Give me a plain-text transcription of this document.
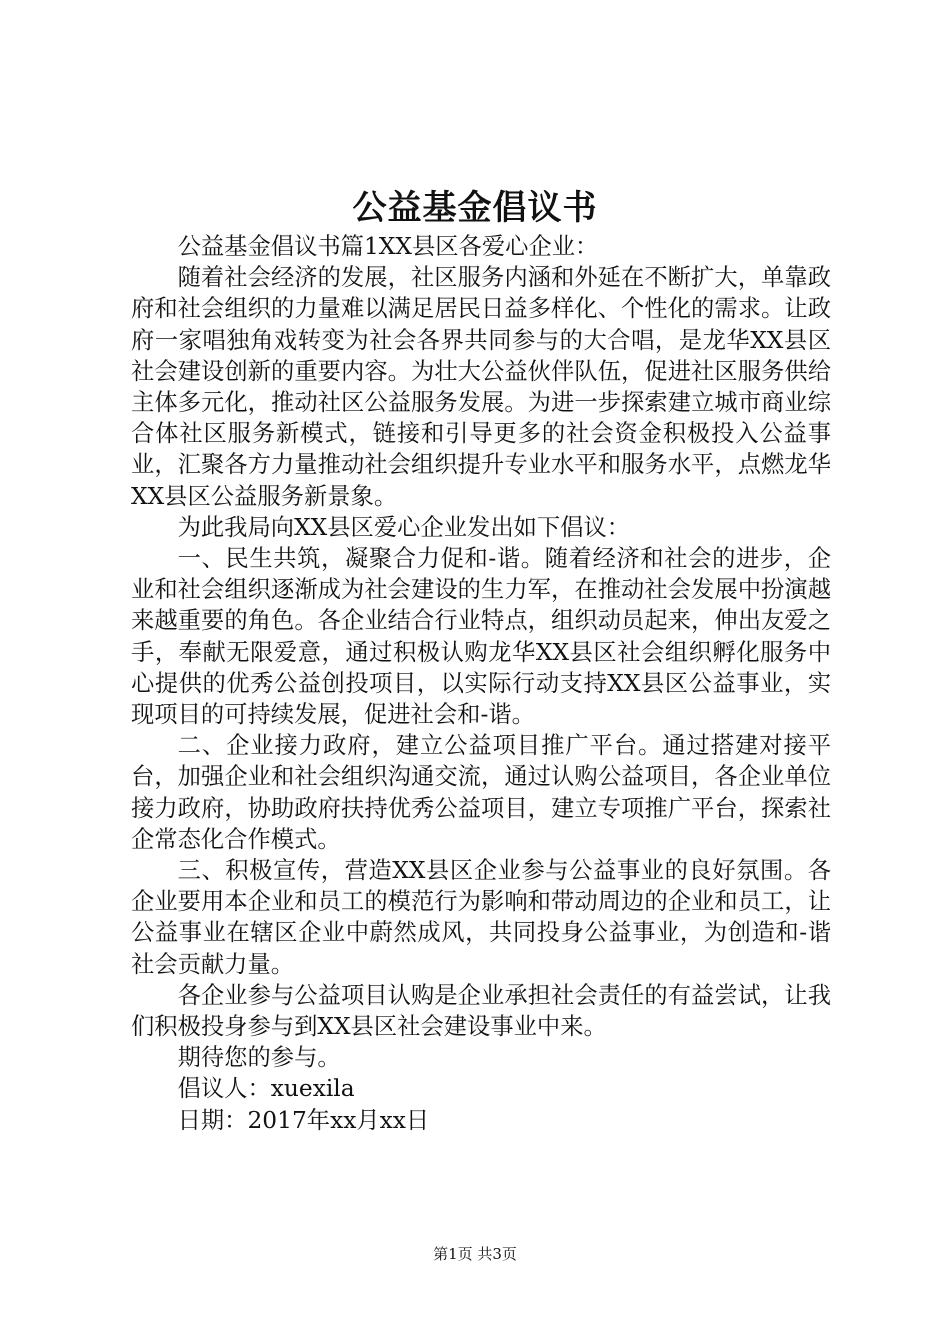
公益基金倡议书

公益基金倡议书篇1XX县区各爱心企业：

随着社会经济的发展，社区服务内涵和外延在不断扩大，单靠政府和社会组织的力量难以满足居民日益多样化、个性化的需求。让政府一家唱独角戏转变为社会各界共同参与的大合唱，是龙华XX县区社会建设创新的重要内容。为壮大公益伙伴队伍，促进社区服务供给主体多元化，推动社区公益服务发展。为进一步探索建立城市商业综合体社区服务新模式，链接和引导更多的社会资金积极投入公益事业，汇聚各方力量推动社会组织提升专业水平和服务水平，点燃龙华XX县区公益服务新景象。

为此我局向XX县区爱心企业发出如下倡议：

一、民生共筑，凝聚合力促和-谐。随着经济和社会的进步，企业和社会组织逐渐成为社会建设的生力军，在推动社会发展中扮演越来越重要的角色。各企业结合行业特点，组织动员起来，伸出友爱之手，奉献无限爱意，通过积极认购龙华XX县区社会组织孵化服务中心提供的优秀公益创投项目，以实际行动支持XX县区公益事业，实现项目的可持续发展，促进社会和-谐。

二、企业接力政府，建立公益项目推广平台。通过搭建对接平台，加强企业和社会组织沟通交流，通过认购公益项目，各企业单位接力政府，协助政府扶持优秀公益项目，建立专项推广平台，探索社企常态化合作模式。

三、积极宣传，营造XX县区企业参与公益事业的良好氛围。各企业要用本企业和员工的模范行为影响和带动周边的企业和员工，让公益事业在辖区企业中蔚然成风，共同投身公益事业，为创造和-谐社会贡献力量。

各企业参与公益项目认购是企业承担社会责任的有益尝试，让我们积极投身参与到XX县区社会建设事业中来。

期待您的参与。

倡议人：xuexila

日期：2017年xx月xx日

第1页 共3页
